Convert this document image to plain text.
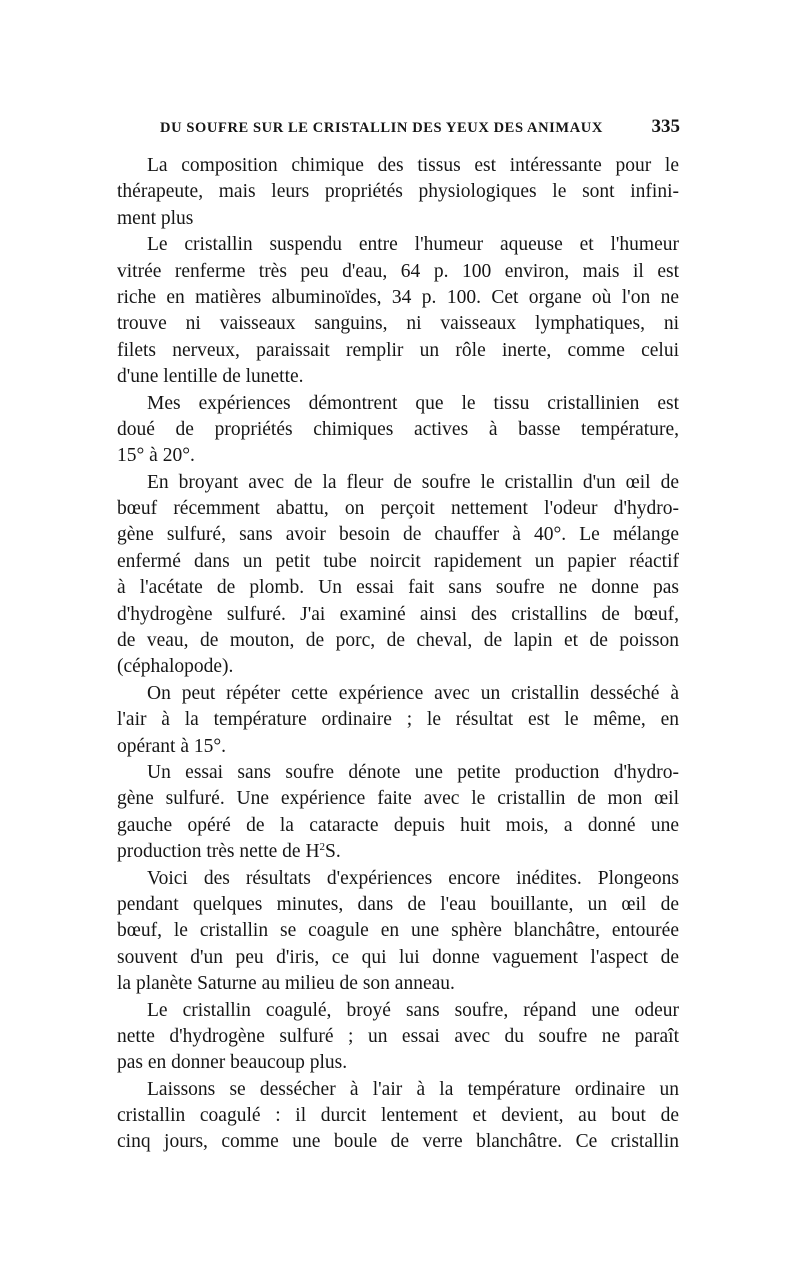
DU SOUFRE SUR LE CRISTALLIN DES YEUX DES ANIMAUX	335
La composition chimique des tissus est intéressante pour le
thérapeute, mais leurs propriétés physiologiques le sont infini-
ment plus
Le cristallin suspendu entre l'humeur aqueuse et l'humeur
vitrée renferme très peu d'eau, 64 p. 100 environ, mais il est
riche en matières albuminoïdes, 34 p. 100. Cet organe où l'on ne
trouve ni vaisseaux sanguins, ni vaisseaux lymphatiques, ni
filets nerveux, paraissait remplir un rôle inerte, comme celui
d'une lentille de lunette.
Mes expériences démontrent que le tissu cristallinien est
doué de propriétés chimiques actives à basse température,
15° à 20°.
En broyant avec de la fleur de soufre le cristallin d'un œil de
bœuf récemment abattu, on perçoit nettement l'odeur d'hydro-
gène sulfuré, sans avoir besoin de chauffer à 40°. Le mélange
enfermé dans un petit tube noircit rapidement un papier réactif
à l'acétate de plomb. Un essai fait sans soufre ne donne pas
d'hydrogène sulfuré. J'ai examiné ainsi des cristallins de bœuf,
de veau, de mouton, de porc, de cheval, de lapin et de poisson
(céphalopode).
On peut répéter cette expérience avec un cristallin desséché à
l'air à la température ordinaire ; le résultat est le même, en
opérant à 15°.
Un essai sans soufre dénote une petite production d'hydro-
gène sulfuré. Une expérience faite avec le cristallin de mon œil
gauche opéré de la cataracte depuis huit mois, a donné une
production très nette de $H^2S$.
Voici des résultats d'expériences encore inédites. Plongeons
pendant quelques minutes, dans de l'eau bouillante, un œil de
bœuf, le cristallin se coagule en une sphère blanchâtre, entourée
souvent d'un peu d'iris, ce qui lui donne vaguement l'aspect de
la planète Saturne au milieu de son anneau.
Le cristallin coagulé, broyé sans soufre, répand une odeur
nette d'hydrogène sulfuré ; un essai avec du soufre ne paraît
pas en donner beaucoup plus.
Laissons se dessécher à l'air à la température ordinaire un
cristallin coagulé : il durcit lentement et devient, au bout de
cinq jours, comme une boule de verre blanchâtre. Ce cristallin
